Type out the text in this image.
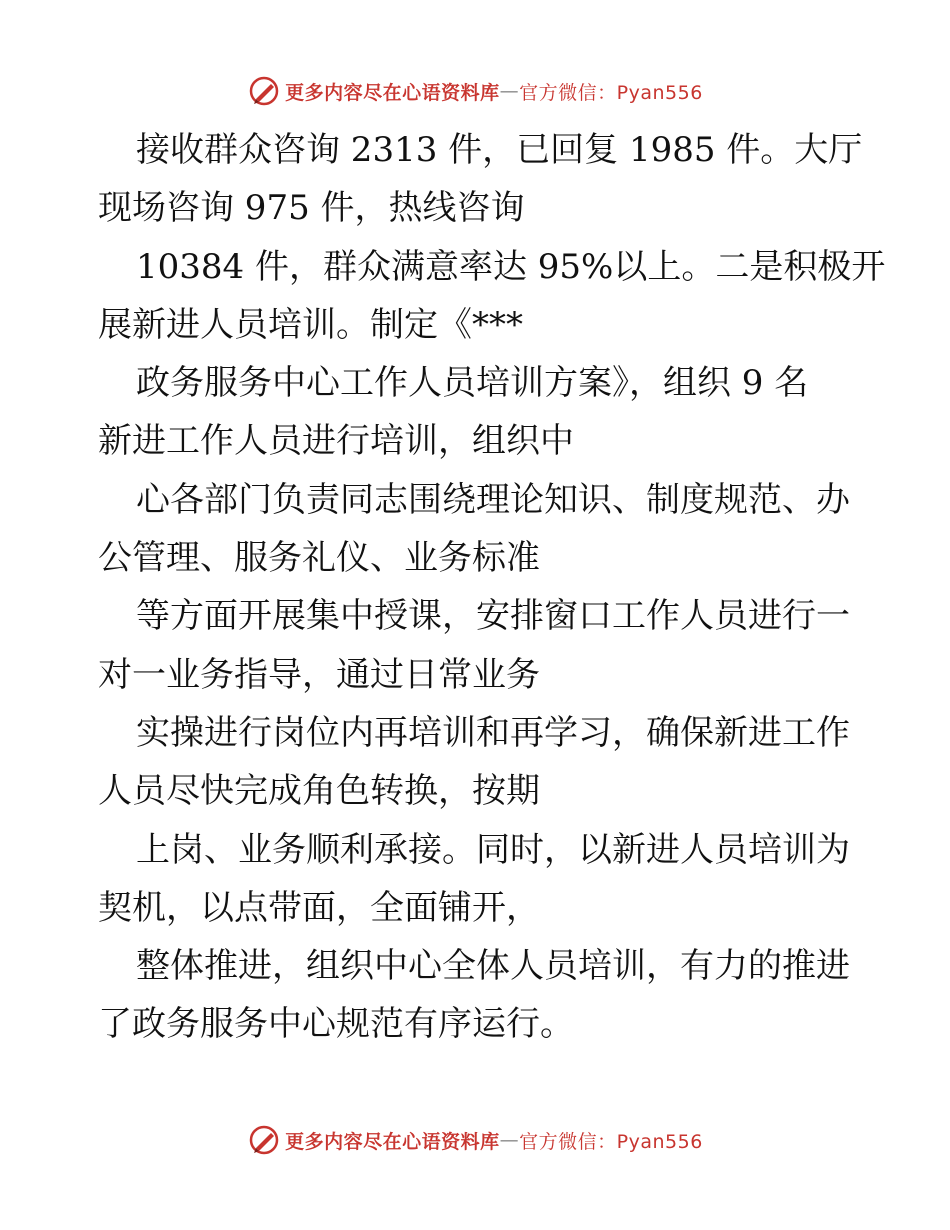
更多内容尽在心语资料库 — 官方微信：Pyan556
接收群众咨询 2313 件，已回复 1985 件。大厅
现场咨询 975 件，热线咨询
10384 件，群众满意率达 95%以上。二是积极开
展新进人员培训。制定《***
政务服务中心工作人员培训方案》，组织 9 名
新进工作人员进行培训，组织中
心各部门负责同志围绕理论知识、制度规范、办
公管理、服务礼仪、业务标准
等方面开展集中授课，安排窗口工作人员进行一
对一业务指导，通过日常业务
实操进行岗位内再培训和再学习，确保新进工作
人员尽快完成角色转换，按期
上岗、业务顺利承接。同时，以新进人员培训为
契机，以点带面，全面铺开，
整体推进，组织中心全体人员培训，有力的推进
了政务服务中心规范有序运行。
更多内容尽在心语资料库 — 官方微信：Pyan556
